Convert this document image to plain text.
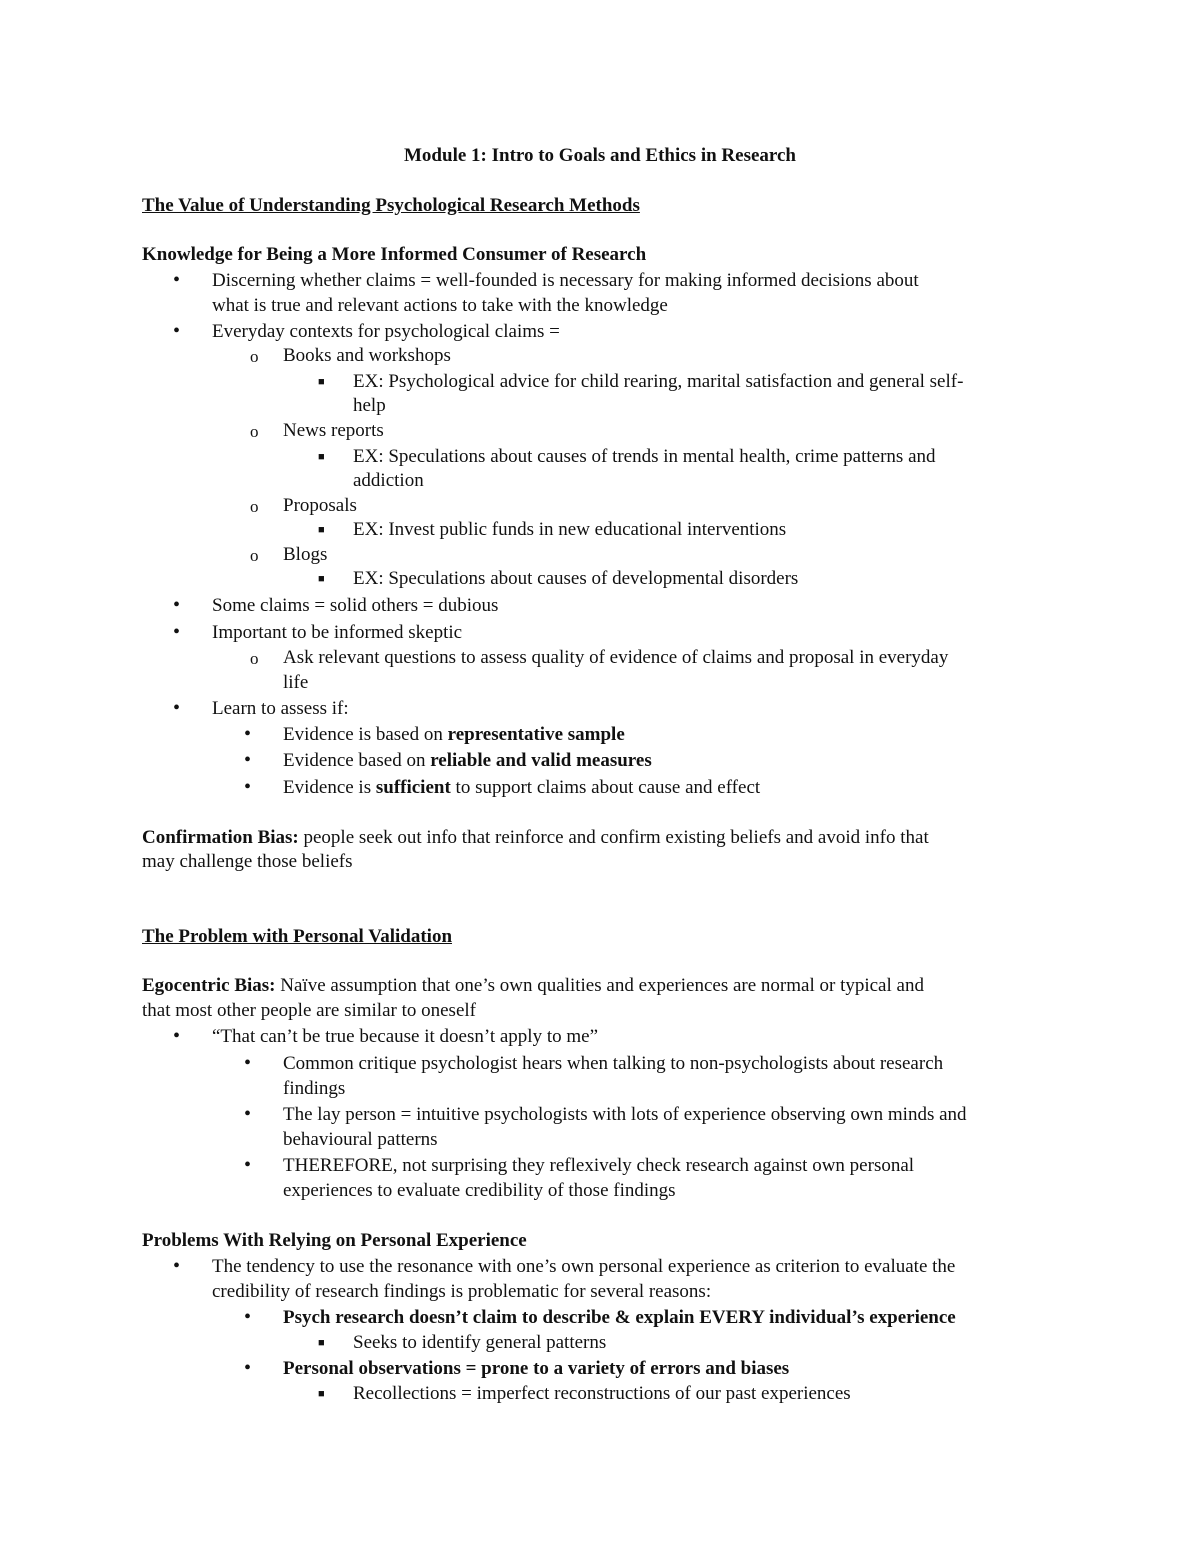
Module 1: Intro to Goals and Ethics in Research
The Value of Understanding Psychological Research Methods
Knowledge for Being a More Informed Consumer of Research
• Discerning whether claims = well-founded is necessary for making informed decisions about
what is true and relevant actions to take with the knowledge
• Everyday contexts for psychological claims =
o Books and workshops
■ EX: Psychological advice for child rearing, marital satisfaction and general self-
help
o News reports
■ EX: Speculations about causes of trends in mental health, crime patterns and
addiction
o Proposals
■ EX: Invest public funds in new educational interventions
o Blogs
■ EX: Speculations about causes of developmental disorders
• Some claims = solid others = dubious
• Important to be informed skeptic
o Ask relevant questions to assess quality of evidence of claims and proposal in everyday
life
• Learn to assess if:
• Evidence is based on representative sample
• Evidence based on reliable and valid measures
• Evidence is sufficient to support claims about cause and effect
Confirmation Bias: people seek out info that reinforce and confirm existing beliefs and avoid info that
may challenge those beliefs
The Problem with Personal Validation
Egocentric Bias: Naïve assumption that one’s own qualities and experiences are normal or typical and
that most other people are similar to oneself
• “That can’t be true because it doesn’t apply to me”
• Common critique psychologist hears when talking to non-psychologists about research
findings
• The lay person = intuitive psychologists with lots of experience observing own minds and
behavioural patterns
• THEREFORE, not surprising they reflexively check research against own personal
experiences to evaluate credibility of those findings
Problems With Relying on Personal Experience
• The tendency to use the resonance with one’s own personal experience as criterion to evaluate the
credibility of research findings is problematic for several reasons:
• Psych research doesn’t claim to describe & explain EVERY individual’s experience
■ Seeks to identify general patterns
• Personal observations = prone to a variety of errors and biases
■ Recollections = imperfect reconstructions of our past experiences
